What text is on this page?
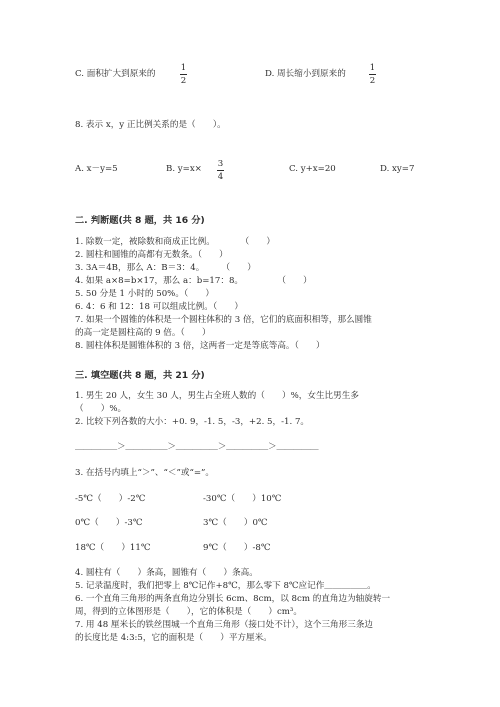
C. 面积扩大到原来的
1
2
D. 周长缩小到原来的
1
2
8. 表示 x，y 正比例关系的是（　　）。
A. x－y=5	B. y=x× 3
4
C. y+x=20	D. xy=7
二. 判断题(共 8 题，共 16 分)
1. 除数一定，被除数和商成正比例。　　　　（　　）
2. 圆柱和圆锥的高都有无数条。（　　）
3. 3A＝4B，那么 A：B＝3：4。　　　（　　）
4. 如果 a×8=b×17，那么 a：b=17：8。　　　　　（　　）
5. 50 分是 1 小时的 50%。（　　）
6. 4：6 和 12：18 可以组成比例。（　　）
7. 如果一个圆锥的体积是一个圆柱体积的 3 倍，它们的底面积相等，那么圆锥
的高一定是圆柱高的 9 倍。（　　）
8. 圆柱体积是圆锥体积的 3 倍，这两者一定是等底等高。（　　）
三. 填空题(共 8 题，共 21 分)
1. 男生 20 人，女生 30 人，男生占全班人数的（　　）%，女生比男生多
（　　）%。
2. 比较下列各数的大小：+0. 9，-1. 5，-3，+2. 5，-1. 7。
＿＿＿＿＿＞＿＿＿＿＿＞＿＿＿＿＿＞＿＿＿＿＿＞＿＿＿＿＿
3. 在括号内填上“＞”、“＜”或“=”。
-5℃（　　）-2℃	-30℃（　　）10℃
0℃（　　）-3℃	3℃（　　）0℃
18℃（　　）11℃	9℃（　　）-8℃
4. 圆柱有（　　）条高，圆锥有（　　）条高。
5. 记录温度时，我们把零上 8℃记作+8℃，那么零下 8℃应记作＿＿＿＿＿。
6. 一个直角三角形的两条直角边分别长 6cm、8cm，以 8cm 的直角边为轴旋转一
周，得到的立体图形是（　　），它的体积是（　　）cm³。
7. 用 48 厘米长的铁丝围城一个直角三角形（接口处不计），这个三角形三条边
的长度比是 4:3:5，它的面积是（　　）平方厘米。
